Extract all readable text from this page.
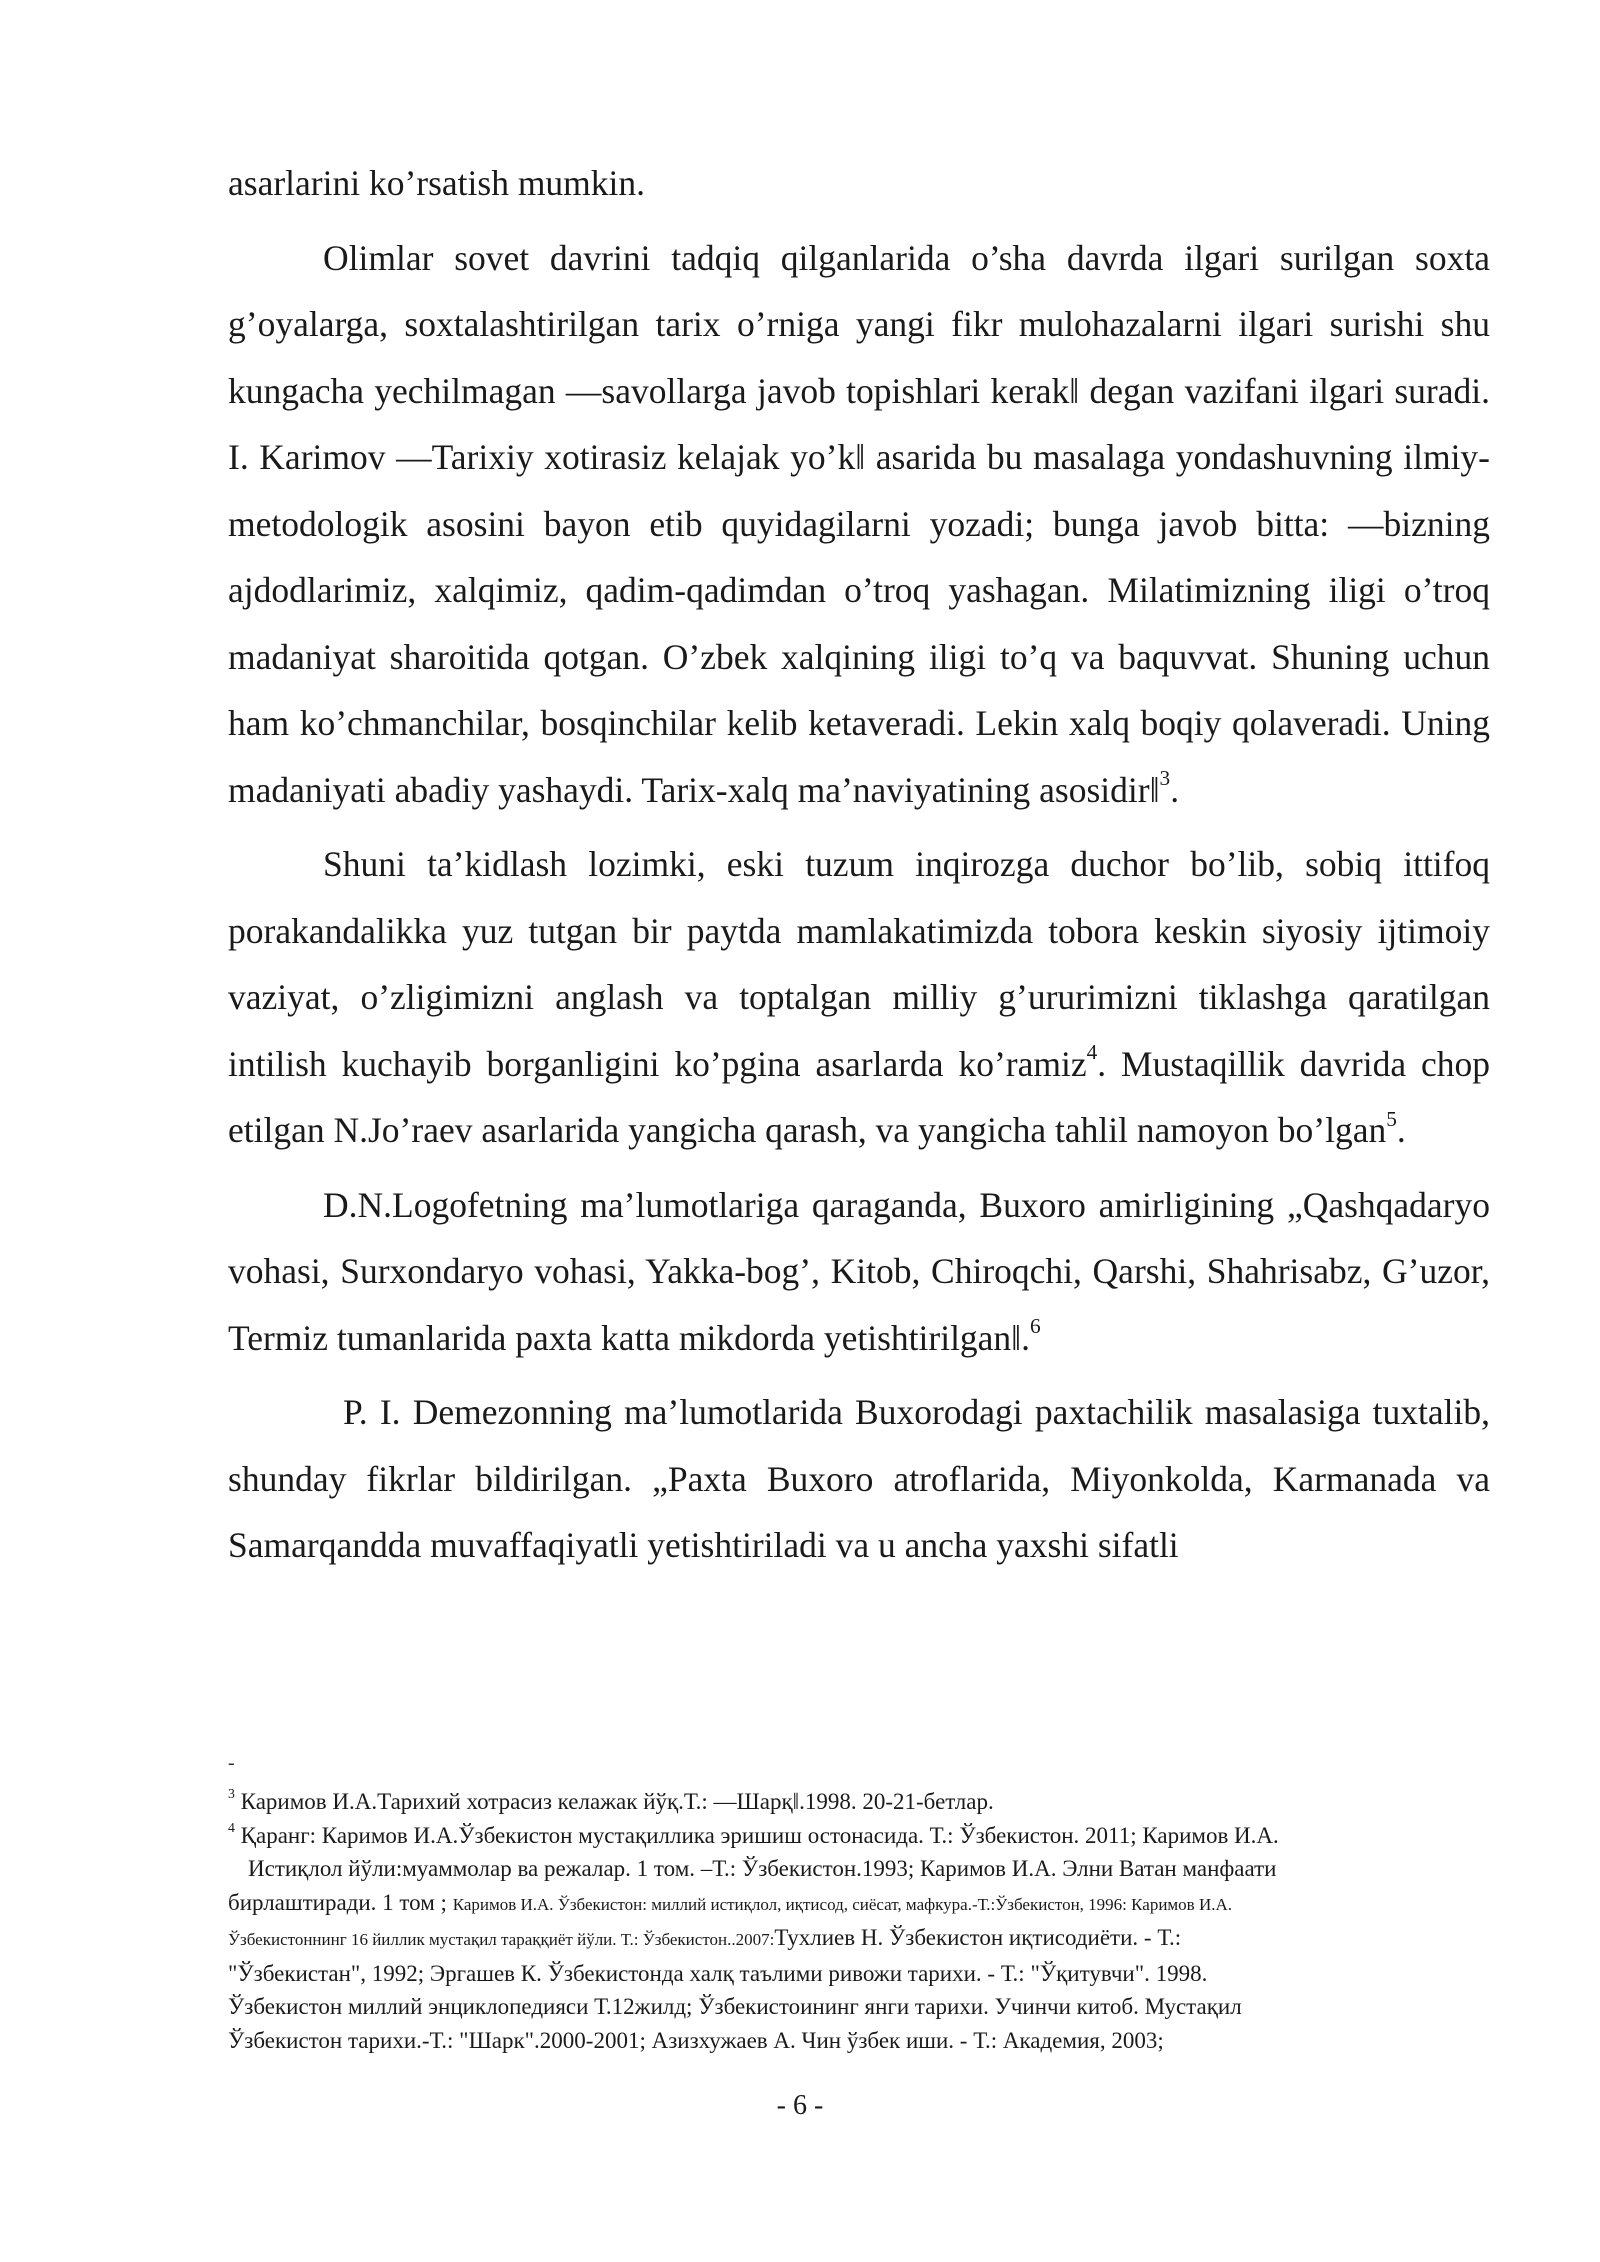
asarlarini ko’rsatish mumkin.

Olimlar sovet davrini tadqiq qilganlarida o’sha davrda ilgari surilgan soxta g’oyalarga, soxtalashtirilgan tarix o’rniga yangi fikr mulohazalarni ilgari surishi shu kungacha yechilmagan ―savollarga javob topishlari kerak‖ degan vazifani ilgari suradi. I. Karimov ―Tarixiy xotirasiz kelajak yo’k‖ asarida bu masalaga yondashuvning ilmiy-metodologik asosini bayon etib quyidagilarni yozadi; bunga javob bitta: ―bizning ajdodlarimiz, xalqimiz, qadim-qadimdan o’troq yashagan. Milatimizning iligi o’troq madaniyat sharoitida qotgan. O’zbek xalqining iligi to’q va baquvvat. Shuning uchun ham ko’chmanchilar, bosqinchilar kelib ketaveradi. Lekin xalq boqiy qolaveradi. Uning madaniyati abadiy yashaydi. Tarix-xalq ma’naviyatining asosidir‖$^3$.

Shuni ta’kidlash lozimki, eski tuzum inqirozga duchor bo’lib, sobiq ittifoq porakandalikka yuz tutgan bir paytda mamlakatimizda tobora keskin siyosiy ijtimoiy vaziyat, o’zligimizni anglash va toptalgan milliy g’ururimizni tiklashga qaratilgan intilish kuchayib borganligini ko’pgina asarlarda ko’ramiz$^4$. Mustaqillik davrida chop etilgan N.Jo’raev asarlarida yangicha qarash, va yangicha tahlil namoyon bo’lgan$^5$.

D.N.Logofetning ma’lumotlariga qaraganda, Buxoro amirligining „Qashqadaryo vohasi, Surxondaryo vohasi, Yakka-bog’, Kitob, Chiroqchi, Qarshi, Shahrisabz, G’uzor, Termiz tumanlarida paxta katta mikdorda yetishtirilgan‖.$^6$

P. I. Demezonning ma’lumotlarida Buxorodagi paxtachilik masalasiga tuxtalib, shunday fikrlar bildirilgan. „Paxta Buxoro atroflarida, Miyonkolda, Karmanada va Samarqandda muvaffaqiyatli yetishtiriladi va u ancha yaxshi sifatli

-

$^3$ Каримов И.А.Тарихий хотрасиз келажак йўқ.Т.: ―Шарқ‖.1998. 20-21-бетлар.

$^4$ Қаранг: Каримов И.А.Ўзбекистон мустақиллика эришиш остонасида. Т.: Ўзбекистон. 2011; Каримов И.А.

Истиқлол йўли:муаммолар ва режалар. 1 том. –Т.: Ўзбекистон.1993; Каримов И.А. Элни Ватан манфаати

бирлаштиради. 1 том ; Каримов И.А. Ўзбекистон: миллий истиқлол, иқтисод, сиёсат, мафкура.-Т.:Ўзбекистон, 1996: Каримов И.А.

Ўзбекистоннинг 16 йиллик мустақил тараққиёт йўли. Т.: Ўзбекистон..2007:Тухлиев Н. Ўзбекистон иқтисодиёти. - Т.:

"Ўзбекистан", 1992; Эргашев К. Ўзбекистонда халқ таълими ривожи тарихи. - Т.: "Ўқитувчи". 1998.

Ўзбекистон миллий энциклопедияси Т.12жилд; Ўзбекистоининг янги тарихи. Учинчи китоб. Мустақил

Ўзбекистон тарихи.-Т.: "Шарк".2000-2001; Азизхужаев А. Чин ўзбек иши. - Т.: Академия, 2003;

- 6 -
